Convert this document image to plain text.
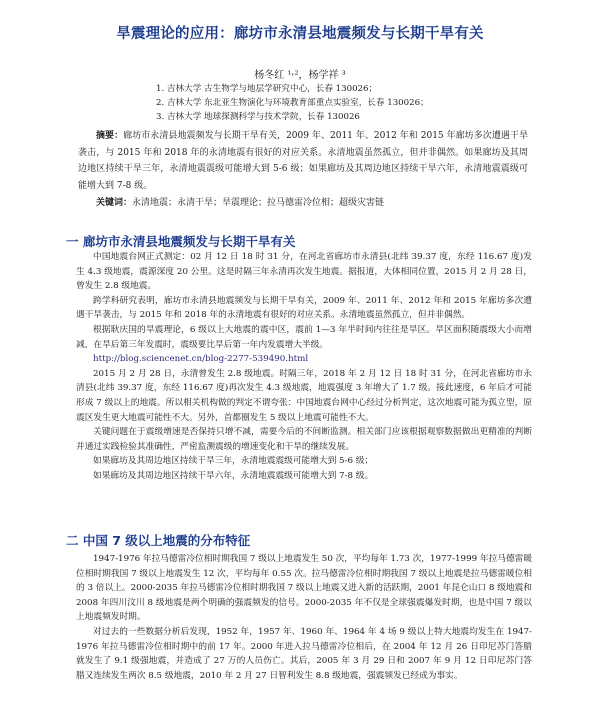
旱震理论的应用：廊坊市永清县地震频发与长期干旱有关
杨冬红 ¹˒²，杨学祥 ³
1. 吉林大学 古生物学与地层学研究中心，长春 130026；
2. 吉林大学 东北亚生物演化与环境教育部重点实验室，长春 130026；
3. 吉林大学 地球探测科学与技术学院，长春 130026

摘要：廊坊市永清县地震频发与长期干旱有关，2009 年、2011 年、2012 年和 2015 年廊坊多次遭遇干旱袭击，与 2015 年和 2018 年的永清地震有很好的对应关系。永清地震虽然孤立，但并非偶然。如果廊坊及其周边地区持续干旱三年，永清地震震级可能增大到 5-6 级；如果廊坊及其周边地区持续干旱六年，永清地震震级可能增大到 7-8 级。

关键词：永清地震；永清干旱；旱震理论；拉马德雷冷位相；超级灾害链

一 廊坊市永清县地震频发与长期干旱有关

中国地震台网正式测定：02 月 12 日 18 时 31 分，在河北省廊坊市永清县(北纬 39.37 度，东经 116.67 度)发生 4.3 级地震，震源深度 20 公里。这是时隔三年永清再次发生地震。据报道，大体相同位置，2015 月 2 月 28 日，曾发生 2.8 级地震。

跨学科研究表明，廊坊市永清县地震频发与长期干旱有关，2009 年、2011 年、2012 年和 2015 年廊坊多次遭遇干旱袭击，与 2015 年和 2018 年的永清地震有很好的对应关系。永清地震虽然孤立，但并非偶然。

根据耿庆国的旱震理论，6 级以上大地震的震中区，震前 1—3 年半时间内往往是旱区。旱区面积随震级大小而增减，在旱后第三年发震时，震级要比旱后第一年内发震增大半级。

http://blog.sciencenet.cn/blog-2277-539490.html

2015 月 2 月 28 日，永清曾发生 2.8 级地震。时隔三年，2018 年 2 月 12 日 18 时 31 分，在河北省廊坊市永清县(北纬 39.37 度，东经 116.67 度)再次发生 4.3 级地震，地震强度 3 年增大了 1.7 级。接此速度，6 年后才可能形成 7 级以上的地震。所以相关机构做的判定不谓夸张：中国地震台网中心经过分析判定，这次地震可能为孤立型，原震区发生更大地震可能性不大。另外，首都圈发生 5 级以上地震可能性不大。

关键问题在于震级增速是否保持只增不减，需要今后的不间断监测。相关部门应该根据观察数据做出更精准的判断并通过实践检验其准确性，严密监测震级的增速变化和干旱的继续发展。

如果廊坊及其周边地区持续干旱三年，永清地震震级可能增大到 5-6 级；

如果廊坊及其周边地区持续干旱六年，永清地震震级可能增大到 7-8 级。

二 中国 7 级以上地震的分布特征

1947-1976 年拉马德雷冷位相时期我国 7 级以上地震发生 50 次，平均每年 1.73 次，1977-1999 年拉马德雷暖位相时期我国 7 级以上地震发生 12 次，平均每年 0.55 次。拉马德雷冷位相时期我国 7 级以上地震是拉马德雷暖位相的 3 倍以上。2000-2035 年拉马德雷冷位相时期我国 7 级以上地震又进入新的活跃期，2001 年昆仑山口 8 级地震和 2008 年四川汶川 8 级地震是两个明确的强震频发的信号。2000-2035 年不仅是全球强震爆发时期，也是中国 7 级以上地震频发时期。

对过去的一些数据分析后发现，1952 年，1957 年、1960 年、1964 年 4 场 9 级以上特大地震均发生在 1947-1976 年拉马德雷冷位相时期中的前 17 年。2000 年进入拉马德雷冷位相后，在 2004 年 12 月 26 日印尼苏门答腊就发生了 9.1 级强地震，并造成了 27 万的人员伤亡。其后，2005 年 3 月 29 日和 2007 年 9 月 12 日印尼苏门答腊又连续发生两次 8.5 级地震，2010 年 2 月 27 日智利发生 8.8 级地震，强震频发已经成为事实。
